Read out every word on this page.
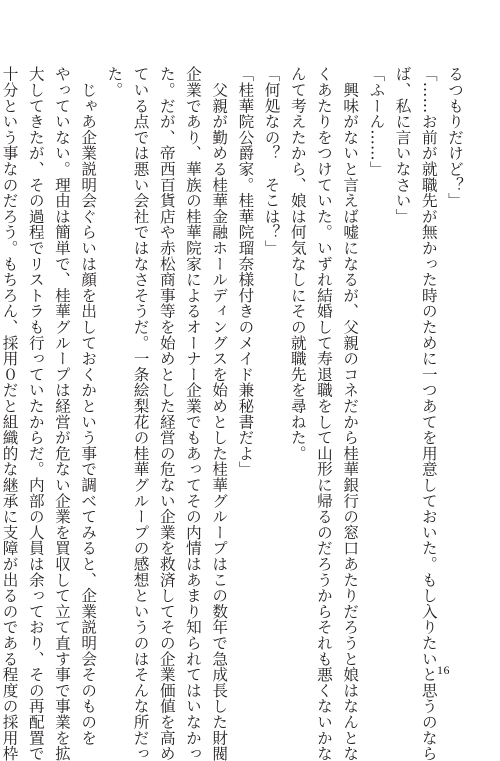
るつもりだけど？」
「……お前が就職先が無かった時のために一つあてを用意しておいた。もし入りたいと思うのなら
ば、私に言いなさい」
「ふーん……」
　興味がないと言えば嘘になるが、父親のコネだから桂華銀行の窓口あたりだろうと娘はなんとな
くあたりをつけていた。いずれ結婚して寿退職をして山形に帰るのだろうからそれも悪くないかな
んて考えたから、娘は何気なしにその就職先を尋ねた。
「何処なの？　そこは？」
「桂華院公爵家。桂華院瑠奈様付きのメイド兼秘書だよ」
　父親が勤める桂華金融ホールディングスを始めとした桂華グループはこの数年で急成長した財閥
企業であり、華族の桂華院家によるオーナー企業でもあってその内情はあまり知られてはいなかっ
た。だが、帝西百貨店や赤松商事等を始めとした経営の危ない企業を救済してその企業価値を高め
ている点では悪い会社ではなさそうだ。一条絵梨花の桂華グループの感想というのはそんな所だっ
た。
　じゃあ企業説明会ぐらいは顔を出しておくかという事で調べてみると、企業説明会そのものを
やっていない。理由は簡単で、桂華グループは経営が危ない企業を買収して立て直す事で事業を拡
大してきたが、その過程でリストラも行っていたからだ。内部の人員は余っており、その再配置で
十分という事なのだろう。もちろん、採用０だと組織的な継承に支障が出るのである程度の採用枠	16
